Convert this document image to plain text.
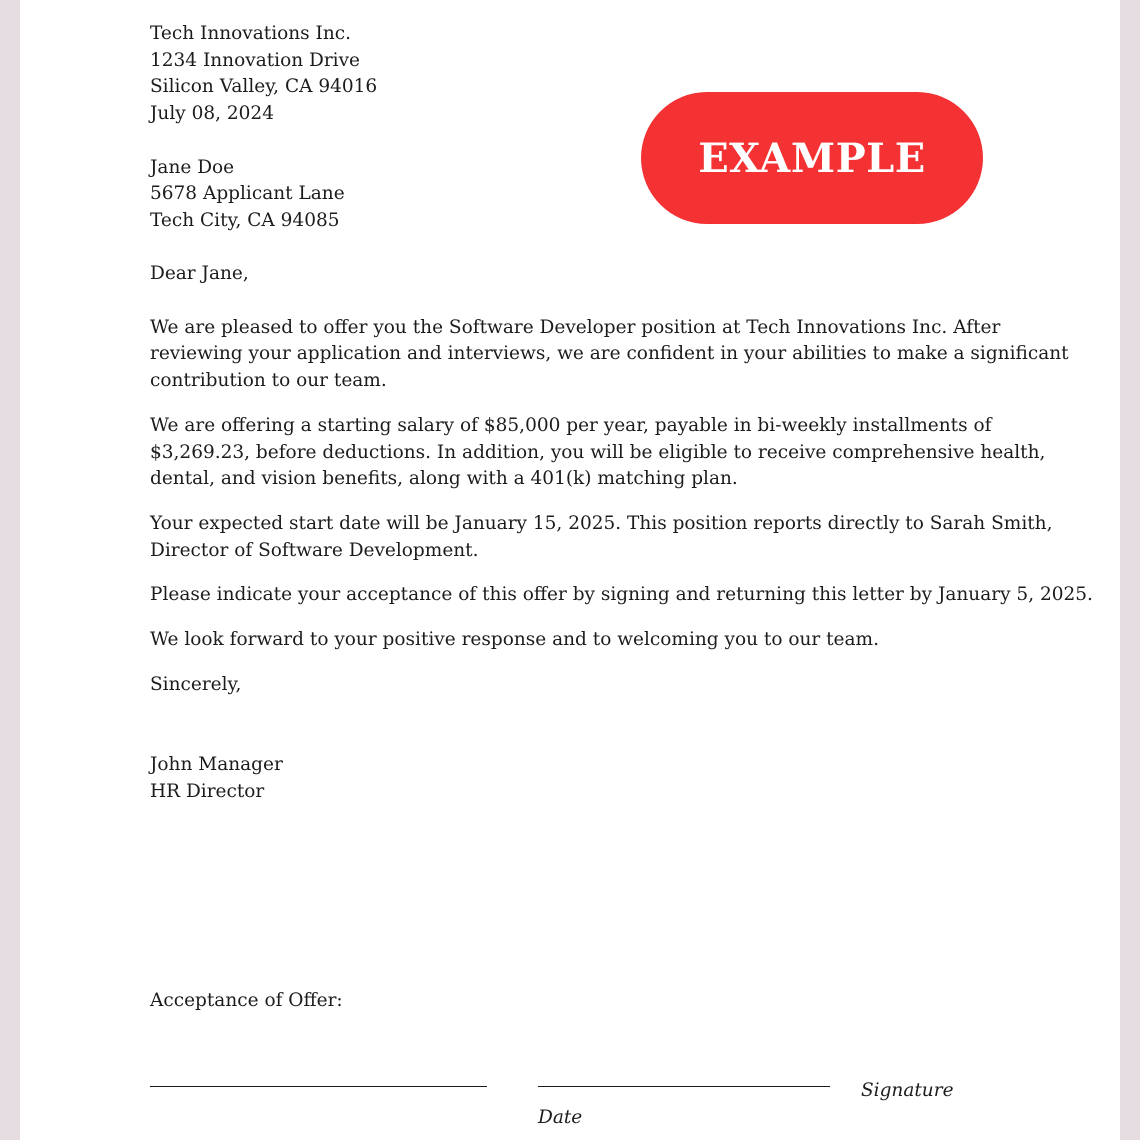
Tech Innovations Inc.
1234 Innovation Drive
Silicon Valley, CA 94016
July 08, 2024
Jane Doe
5678 Applicant Lane
Tech City, CA 94085
Dear Jane,
We are pleased to offer you the Software Developer position at Tech Innovations Inc. After
reviewing your application and interviews, we are confident in your abilities to make a significant
contribution to our team.
We are offering a starting salary of $85,000 per year, payable in bi-weekly installments of
$3,269.23, before deductions. In addition, you will be eligible to receive comprehensive health,
dental, and vision benefits, along with a 401(k) matching plan.
Your expected start date will be January 15, 2025. This position reports directly to Sarah Smith,
Director of Software Development.
Please indicate your acceptance of this offer by signing and returning this letter by January 5, 2025.
We look forward to your positive response and to welcoming you to our team.
Sincerely,
John Manager
HR Director
EXAMPLE
Acceptance of Offer:
Signature
Date
